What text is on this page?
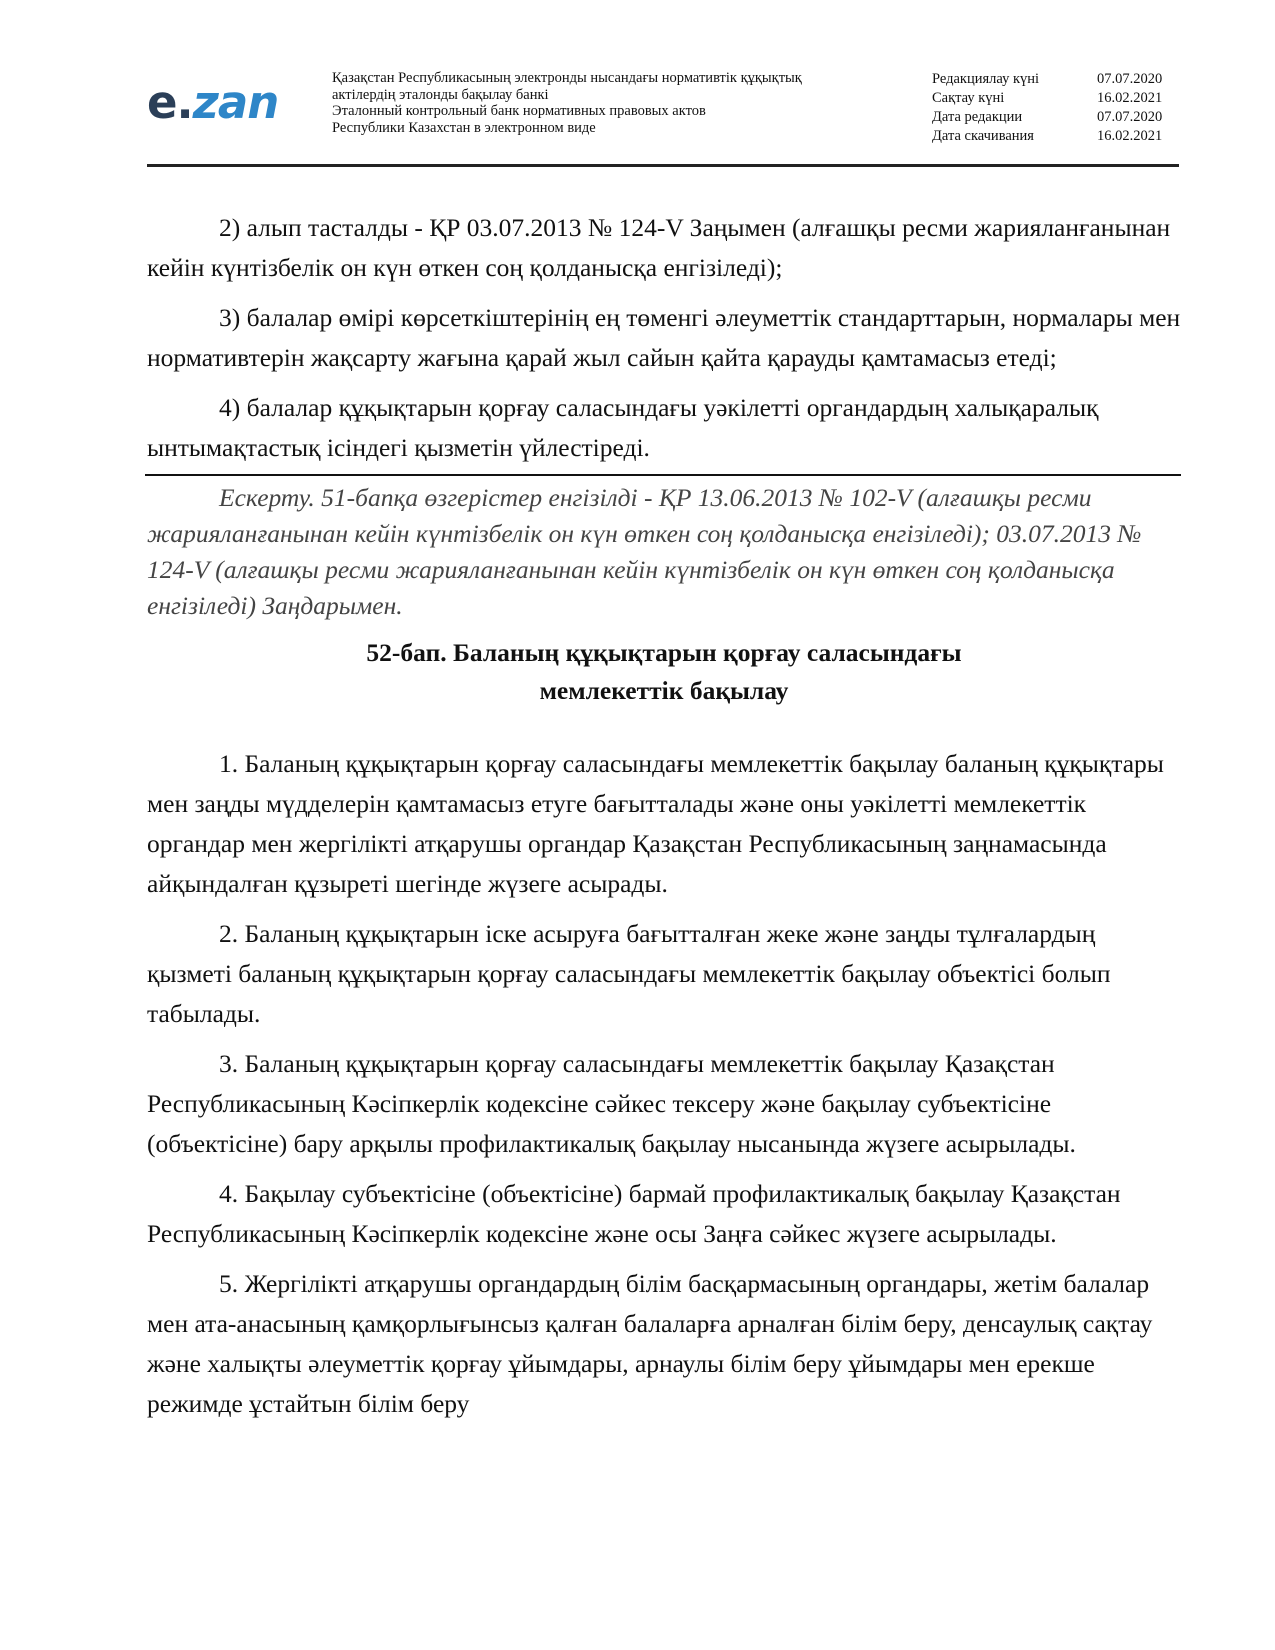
e.zan	Қазақстан Республикасының электронды нысандағы нормативтік құқықтық
актілердің эталонды бақылау банкі
Эталонный контрольный банк нормативных правовых актов
Республики Казахстан в электронном виде
Редакциялау күні	07.07.2020
Сақтау күні	16.02.2021
Дата редакции	07.07.2020
Дата скачивания	16.02.2021

2) алып тасталды - ҚР 03.07.2013 № 124-V Заңымен (алғашқы ресми жарияланғанынан кейін күнтізбелік он күн өткен соң қолданысқа енгізіледі);

3) балалар өмірі көрсеткіштерінің ең төменгі әлеуметтік стандарттарын, нормалары мен нормативтерін жақсарту жағына қарай жыл сайын қайта қарауды қамтамасыз етеді;

4) балалар құқықтарын қорғау саласындағы уәкілетті органдардың халықаралық ынтымақтастық ісіндегі қызметін үйлестіреді.

Ескерту. 51-бапқа өзгерістер енгізілді - ҚР 13.06.2013 № 102-V (алғашқы ресми жарияланғанынан кейін күнтізбелік он күн өткен соң қолданысқа енгізіледі); 03.07.2013 № 124-V (алғашқы ресми жарияланғанынан кейін күнтізбелік он күн өткен соң қолданысқа енгізіледі) Заңдарымен.

52-бап. Баланың құқықтарын қорғау саласындағы
мемлекеттік бақылау

1. Баланың құқықтарын қорғау саласындағы мемлекеттік бақылау баланың құқықтары мен заңды мүдделерін қамтамасыз етуге бағытталады және оны уәкілетті мемлекеттік органдар мен жергілікті атқарушы органдар Қазақстан Республикасының заңнамасында айқындалған құзыреті шегінде жүзеге асырады.

2. Баланың құқықтарын іске асыруға бағытталған жеке және заңды тұлғалардың қызметі баланың құқықтарын қорғау саласындағы мемлекеттік бақылау объектісі болып табылады.

3. Баланың құқықтарын қорғау саласындағы мемлекеттік бақылау Қазақстан Республикасының Кәсіпкерлік кодексіне сәйкес тексеру және бақылау субъектісіне (объектісіне) бару арқылы профилактикалық бақылау нысанында жүзеге асырылады.

4. Бақылау субъектісіне (объектісіне) бармай профилактикалық бақылау Қазақстан Республикасының Кәсіпкерлік кодексіне және осы Заңға сәйкес жүзеге асырылады.

5. Жергілікті атқарушы органдардың білім басқармасының органдары, жетім балалар мен ата-анасының қамқорлығынсыз қалған балаларға арналған білім беру, денсаулық сақтау және халықты әлеуметтік қорғау ұйымдары, арнаулы білім беру ұйымдары мен ерекше режимде ұстайтын білім беру
